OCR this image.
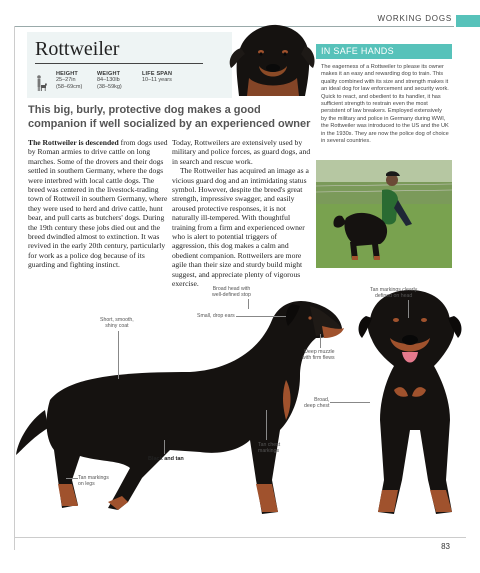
WORKING DOGS
Rottweiler
HEIGHT
25–27in
(58–69cm)
WEIGHT
84–130lb
(38–59kg)
LIFE SPAN
10–11 years
This big, burly, protective dog makes a good companion if well socialized by an experienced owner

The Rottweiler is descended from dogs used by Roman armies to drive cattle on long marches. Some of the drovers and their dogs settled in southern Germany, where the dogs were interbred with local cattle dogs. The breed was centered in the livestock-trading town of Rottweil in southern Germany, where they were used to herd and drive cattle, hunt bear, and pull carts as butchers' dogs. During the 19th century these jobs died out and the breed dwindled almost to extinction. It was revived in the early 20th century, particularly for work as a police dog because of its guarding and fighting instinct.

Today, Rottweilers are extensively used by military and police forces, as guard dogs, and in search and rescue work.

The Rottweiler has acquired an image as a vicious guard dog and an intimidating status symbol. However, despite the breed's great strength, impressive swagger, and easily aroused protective responses, it is not naturally ill-tempered. With thoughtful training from a firm and experienced owner who is alert to potential triggers of aggression, this dog makes a calm and obedient companion. Rottweilers are more agile than their size and sturdy build might suggest, and appreciate plenty of vigorous exercise.

IN SAFE HANDS
The eagerness of a Rottweiler to please its owner makes it an easy and rewarding dog to train. This quality combined with its size and strength makes it an ideal dog for law enforcement and security work. Quick to react, and obedient to its handler, it has sufficient strength to restrain even the most persistent of law breakers. Employed extensively by the military and police in Germany during WWI, the Rottweiler was introduced to the US and the UK in the 1930s. They are now the police dog of choice in several countries.
Broad head with
well-defined stop
Small, drop ears
Short, smooth,
shiny coat
Deep muzzle
with firm flews
Broad,
deep chest
Tan chest
markings
Black and tan
Tan markings
on legs
Tan markings clearly
defined on head
83
